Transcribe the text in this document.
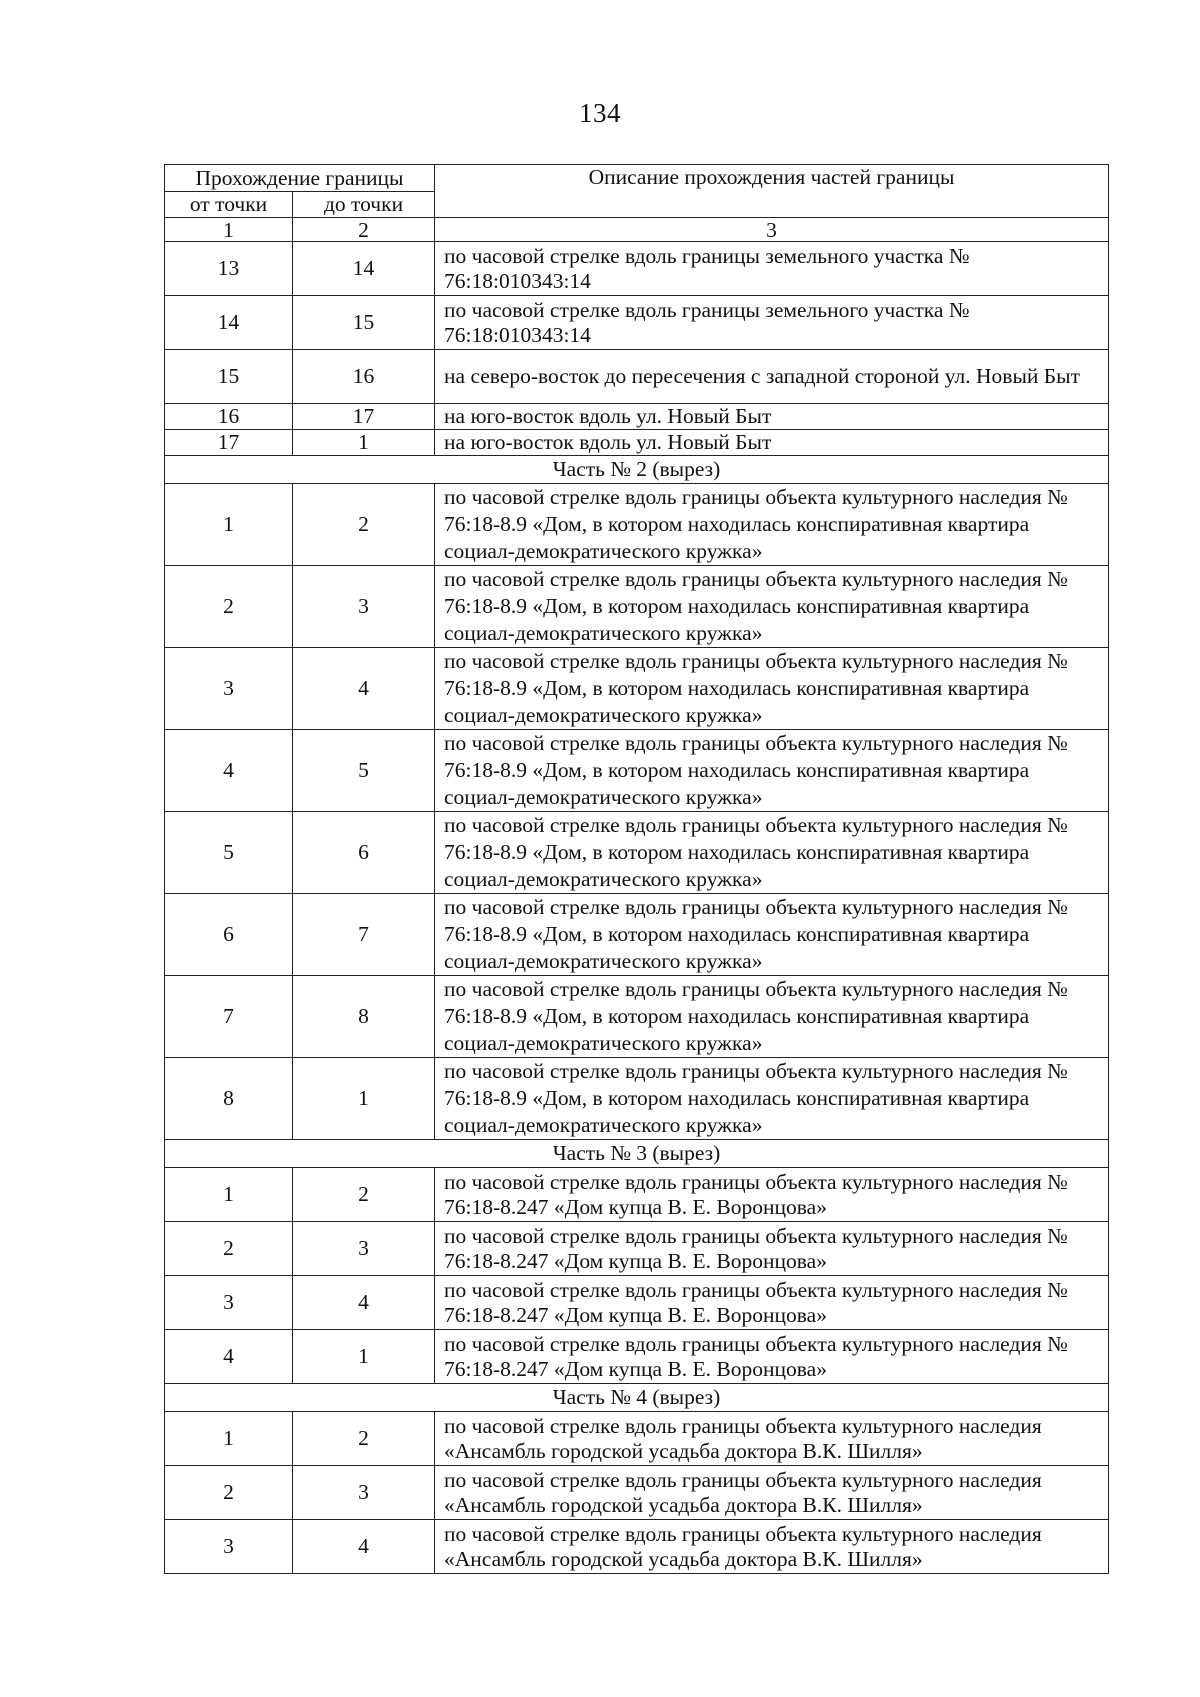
134
Прохождение границы		Описание прохождения частей границы
от точки	до точки	
1	2	3
13	14	по часовой стрелке вдоль границы земельного участка № 76:18:010343:14
14	15	по часовой стрелке вдоль границы земельного участка № 76:18:010343:14
15	16	на северо-восток до пересечения с западной стороной ул. Новый Быт
16	17	на юго-восток вдоль ул. Новый Быт
17	1	на юго-восток вдоль ул. Новый Быт
Часть № 2 (вырез)		
1	2	по часовой стрелке вдоль границы объекта культурного наследия № 76:18-8.9 «Дом, в котором находилась конспиративная квартира социал-демократического кружка»
2	3	по часовой стрелке вдоль границы объекта культурного наследия № 76:18-8.9 «Дом, в котором находилась конспиративная квартира социал-демократического кружка»
3	4	по часовой стрелке вдоль границы объекта культурного наследия № 76:18-8.9 «Дом, в котором находилась конспиративная квартира социал-демократического кружка»
4	5	по часовой стрелке вдоль границы объекта культурного наследия № 76:18-8.9 «Дом, в котором находилась конспиративная квартира социал-демократического кружка»
5	6	по часовой стрелке вдоль границы объекта культурного наследия № 76:18-8.9 «Дом, в котором находилась конспиративная квартира социал-демократического кружка»
6	7	по часовой стрелке вдоль границы объекта культурного наследия № 76:18-8.9 «Дом, в котором находилась конспиративная квартира социал-демократического кружка»
7	8	по часовой стрелке вдоль границы объекта культурного наследия № 76:18-8.9 «Дом, в котором находилась конспиративная квартира социал-демократического кружка»
8	1	по часовой стрелке вдоль границы объекта культурного наследия № 76:18-8.9 «Дом, в котором находилась конспиративная квартира социал-демократического кружка»
Часть № 3 (вырез)		
1	2	по часовой стрелке вдоль границы объекта культурного наследия № 76:18-8.247 «Дом купца В. Е. Воронцова»
2	3	по часовой стрелке вдоль границы объекта культурного наследия № 76:18-8.247 «Дом купца В. Е. Воронцова»
3	4	по часовой стрелке вдоль границы объекта культурного наследия № 76:18-8.247 «Дом купца В. Е. Воронцова»
4	1	по часовой стрелке вдоль границы объекта культурного наследия № 76:18-8.247 «Дом купца В. Е. Воронцова»
Часть № 4 (вырез)		
1	2	по часовой стрелке вдоль границы объекта культурного наследия «Ансамбль городской усадьба доктора В.К. Шилля»
2	3	по часовой стрелке вдоль границы объекта культурного наследия «Ансамбль городской усадьба доктора В.К. Шилля»
3	4	по часовой стрелке вдоль границы объекта культурного наследия «Ансамбль городской усадьба доктора В.К. Шилля»
